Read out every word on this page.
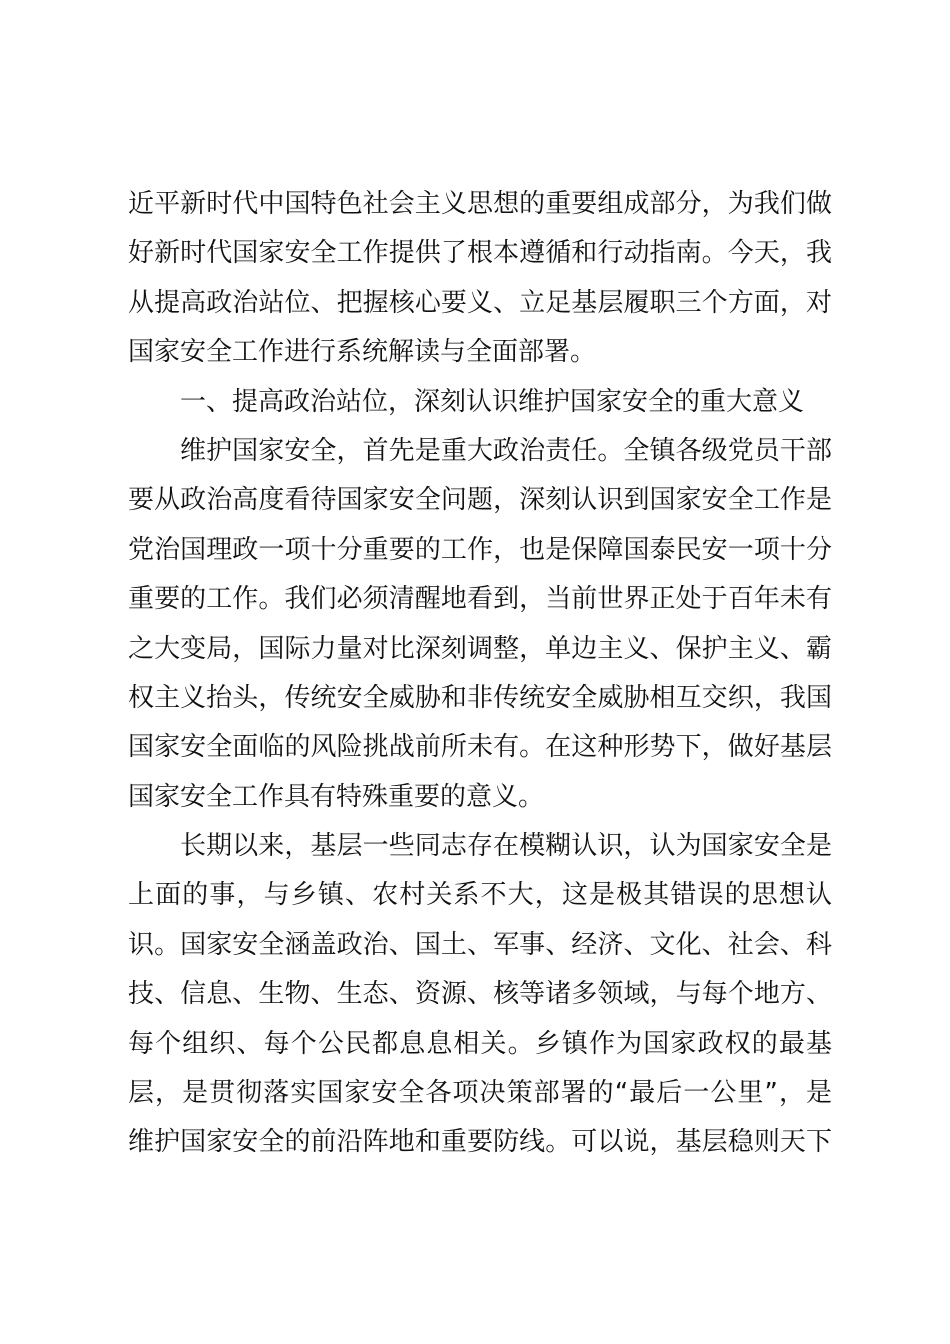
近平新时代中国特色社会主义思想的重要组成部分，为我们做
好新时代国家安全工作提供了根本遵循和行动指南。今天，我
从提高政治站位、把握核心要义、立足基层履职三个方面，对
国家安全工作进行系统解读与全面部署。
一、提高政治站位，深刻认识维护国家安全的重大意义
维护国家安全，首先是重大政治责任。全镇各级党员干部
要从政治高度看待国家安全问题，深刻认识到国家安全工作是
党治国理政一项十分重要的工作，也是保障国泰民安一项十分
重要的工作。我们必须清醒地看到，当前世界正处于百年未有
之大变局，国际力量对比深刻调整，单边主义、保护主义、霸
权主义抬头，传统安全威胁和非传统安全威胁相互交织，我国
国家安全面临的风险挑战前所未有。在这种形势下，做好基层
国家安全工作具有特殊重要的意义。
长期以来，基层一些同志存在模糊认识，认为国家安全是
上面的事，与乡镇、农村关系不大，这是极其错误的思想认
识。国家安全涵盖政治、国土、军事、经济、文化、社会、科
技、信息、生物、生态、资源、核等诸多领域，与每个地方、
每个组织、每个公民都息息相关。乡镇作为国家政权的最基
层，是贯彻落实国家安全各项决策部署的“最后一公里”，是
维护国家安全的前沿阵地和重要防线。可以说，基层稳则天下
